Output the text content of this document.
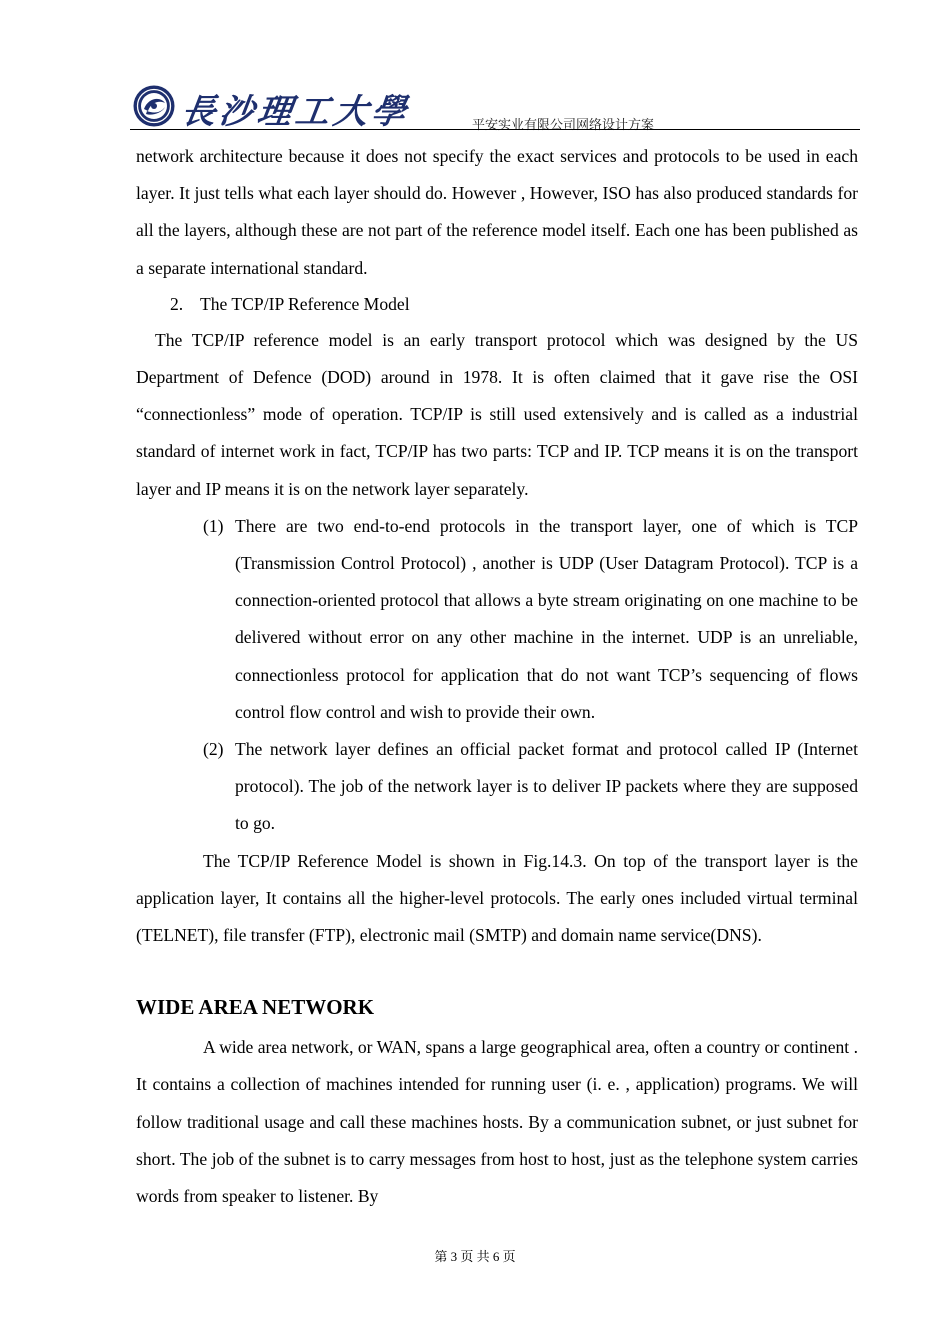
長沙理工大學	平安实业有限公司网络设计方案

network architecture because it does not specify the exact services and protocols to be used in each layer. It just tells what each layer should do. However , However, ISO has also produced standards for all the layers, although these are not part of the reference model itself. Each one has been published as a separate international standard.

2. The TCP/IP Reference Model

The TCP/IP reference model is an early transport protocol which was designed by the US Department of Defence (DOD) around in 1978. It is often claimed that it gave rise the OSI “connectionless” mode of operation. TCP/IP is still used extensively and is called as a industrial standard of internet work in fact, TCP/IP has two parts: TCP and IP. TCP means it is on the transport layer and IP means it is on the network layer separately.

(1) There are two end-to-end protocols in the transport layer, one of which is TCP (Transmission Control Protocol) , another is UDP (User Datagram Protocol). TCP is a connection-oriented protocol that allows a byte stream originating on one machine to be delivered without error on any other machine in the internet. UDP is an unreliable, connectionless protocol for application that do not want TCP’s sequencing of flows control flow control and wish to provide their own.

(2) The network layer defines an official packet format and protocol called IP (Internet protocol). The job of the network layer is to deliver IP packets where they are supposed to go.

The TCP/IP Reference Model is shown in Fig.14.3. On top of the transport layer is the application layer, It contains all the higher-level protocols. The early ones included virtual terminal (TELNET), file transfer (FTP), electronic mail (SMTP) and domain name service(DNS).

WIDE AREA NETWORK

A wide area network, or WAN, spans a large geographical area, often a country or continent . It contains a collection of machines intended for running user (i. e. , application) programs. We will follow traditional usage and call these machines hosts. By a communication subnet, or just subnet for short. The job of the subnet is to carry messages from host to host, just as the telephone system carries words from speaker to listener. By

第 3 页 共 6 页
